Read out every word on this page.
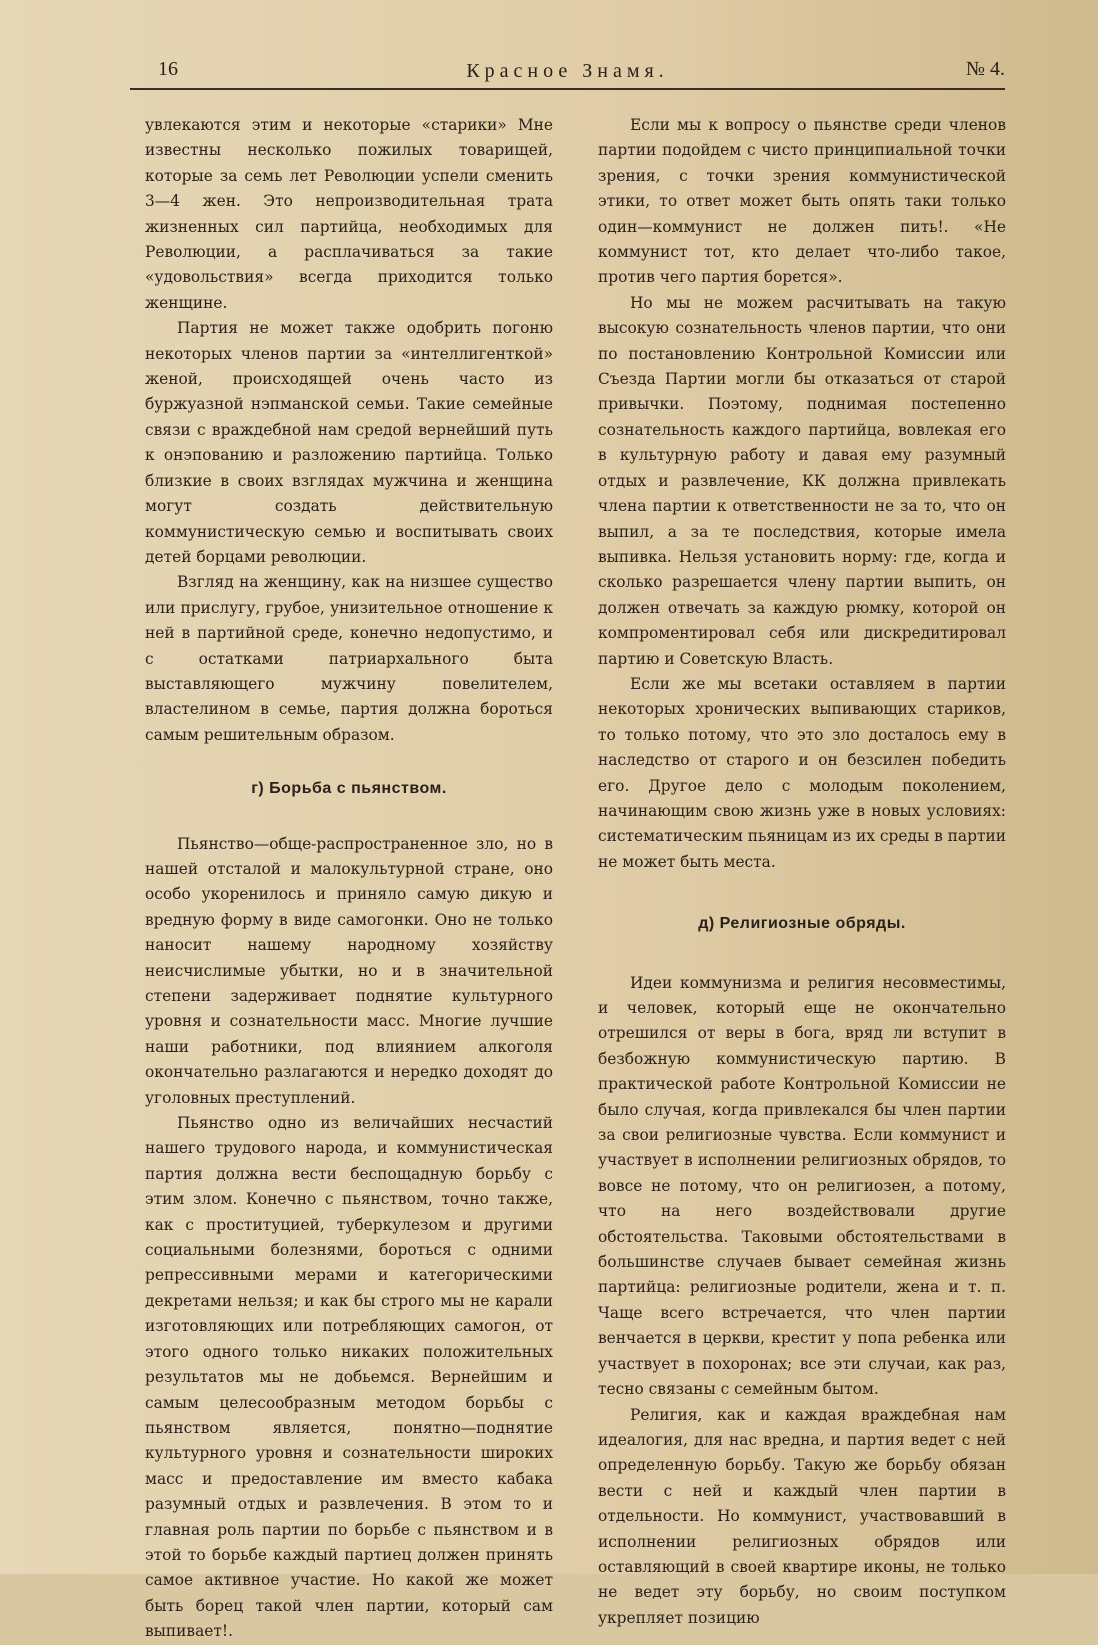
16	Красное Знамя.	№ 4.

увлекаются этим и некоторые «старики» Мне известны несколько пожилых товарищей, которые за семь лет Революции успели сменить 3—4 жен. Это непроизводительная трата жизненных сил партийца, необходимых для Революции, а расплачиваться за такие «удовольствия» всегда приходится только женщине.

Партия не может также одобрить погоню некоторых членов партии за «интеллигенткой» женой, происходящей очень часто из буржуазной нэпманской семьи. Такие семейные связи с враждебной нам средой вернейший путь к онэпованию и разложению партийца. Только близкие в своих взглядах мужчина и женщина могут создать действительную коммунистическую семью и воспитывать своих детей борцами революции.

Взгляд на женщину, как на низшее существо или прислугу, грубое, унизительное отношение к ней в партийной среде, конечно недопустимо, и с остатками патриархального быта выставляющего мужчину повелителем, властелином в семье, партия должна бороться самым решительным образом.

г) Борьба с пьянством.

Пьянство—обще-распространенное зло, но в нашей отсталой и малокультурной стране, оно особо укоренилось и приняло самую дикую и вредную форму в виде самогонки. Оно не только наносит нашему народному хозяйству неисчислимые убытки, но и в значительной степени задерживает поднятие культурного уровня и сознательности масс. Многие лучшие наши работники, под влиянием алкоголя окончательно разлагаются и нередко доходят до уголовных преступлений.

Пьянство одно из величайших несчастий нашего трудового народа, и коммунистическая партия должна вести беспощадную борьбу с этим злом. Конечно с пьянством, точно также, как с проституцией, туберкулезом и другими социальными болезнями, бороться с одними репрессивными мерами и категорическими декретами нельзя; и как бы строго мы не карали изготовляющих или потребляющих самогон, от этого одного только никаких положительных результатов мы не добьемся. Вернейшим и самым целесообразным методом борьбы с пьянством является, понятно—поднятие культурного уровня и сознательности широких масс и предоставление им вместо кабака разумный отдых и развлечения. В этом то и главная роль партии по борьбе с пьянством и в этой то борьбе каждый партиец должен принять самое активное участие. Но какой же может быть борец такой член партии, который сам выпивает!.

Если мы к вопросу о пьянстве среди членов партии подойдем с чисто принципиальной точки зрения, с точки зрения коммунистической этики, то ответ может быть опять таки только один—коммунист не должен пить!. «Не коммунист тот, кто делает что-либо такое, против чего партия борется».

Но мы не можем расчитывать на такую высокую сознательность членов партии, что они по постановлению Контрольной Комиссии или Съезда Партии могли бы отказаться от старой привычки. Поэтому, поднимая постепенно сознательность каждого партийца, вовлекая его в культурную работу и давая ему разумный отдых и развлечение, КК должна привлекать члена партии к ответственности не за то, что он выпил, а за те последствия, которые имела выпивка. Нельзя установить норму: где, когда и сколько разрешается члену партии выпить, он должен отвечать за каждую рюмку, которой он компроментировал себя или дискредитировал партию и Советскую Власть.

Если же мы всетаки оставляем в партии некоторых хронических выпивающих стариков, то только потому, что это зло досталось ему в наследство от старого и он безсилен победить его. Другое дело с молодым поколением, начинающим свою жизнь уже в новых условиях: систематическим пьяницам из их среды в партии не может быть места.

д) Религиозные обряды.

Идеи коммунизма и религия несовместимы, и человек, который еще не окончательно отрешился от веры в бога, вряд ли вступит в безбожную коммунистическую партию. В практической работе Контрольной Комиссии не было случая, когда привлекался бы член партии за свои религиозные чувства. Если коммунист и участвует в исполнении религиозных обрядов, то вовсе не потому, что он религиозен, а потому, что на него воздействовали другие обстоятельства. Таковыми обстоятельствами в большинстве случаев бывает семейная жизнь партийца: религиозные родители, жена и т. п. Чаще всего встречается, что член партии венчается в церкви, крестит у попа ребенка или участвует в похоронах; все эти случаи, как раз, тесно связаны с семейным бытом.

Религия, как и каждая враждебная нам идеалогия, для нас вредна, и партия ведет с ней определенную борьбу. Такую же борьбу обязан вести с ней и каждый член партии в отдельности. Но коммунист, участвовавший в исполнении религиозных обрядов или оставляющий в своей квартире иконы, не только не ведет эту борьбу, но своим поступком укрепляет позицию
